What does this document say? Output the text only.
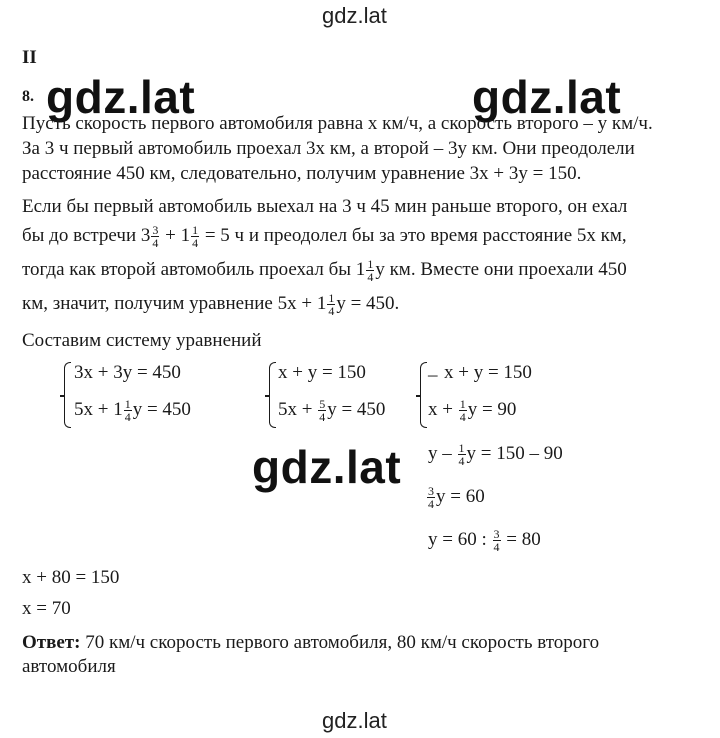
gdz.lat
gdz.lat	gdz.lat
gdz.lat
gdz.lat
II
8.
Пусть скорость первого автомобиля равна x км/ч, а скорость второго – y км/ч.
За 3 ч первый автомобиль проехал 3x км, а второй – 3y км. Они преодолели
расстояние 450 км, следовательно, получим уравнение 3x + 3y = 150.
Если бы первый автомобиль выехал на 3 ч 45 мин раньше второго, он ехал
бы до встречи $3 \frac{3}{4} + 1 \frac{1}{4} = 5$ ч и преодолел бы за это время расстояние 5x км,
тогда как второй автомобиль проехал бы $1 \frac{1}{4}$ y км. Вместе они проехали 450
км, значит, получим уравнение $5x + 1 \frac{1}{4}$ y = 450.
Составим систему уравнений
3x + 3y = 450
$5x + 1 \frac{1}{4}$ y = 450
x + y = 150
$5x + \frac{5}{4}$ y = 450
_ x + y = 150
$x + \frac{1}{4}$ y = 90
y – $\frac{1}{4}$ y = 150 – 90
$\frac{3}{4}$ y = 60
y = 60 : $\frac{3}{4} = 80$
x + 80 = 150
x = 70
Ответ: 70 км/ч скорость первого автомобиля, 80 км/ч скорость второго
автомобиля
